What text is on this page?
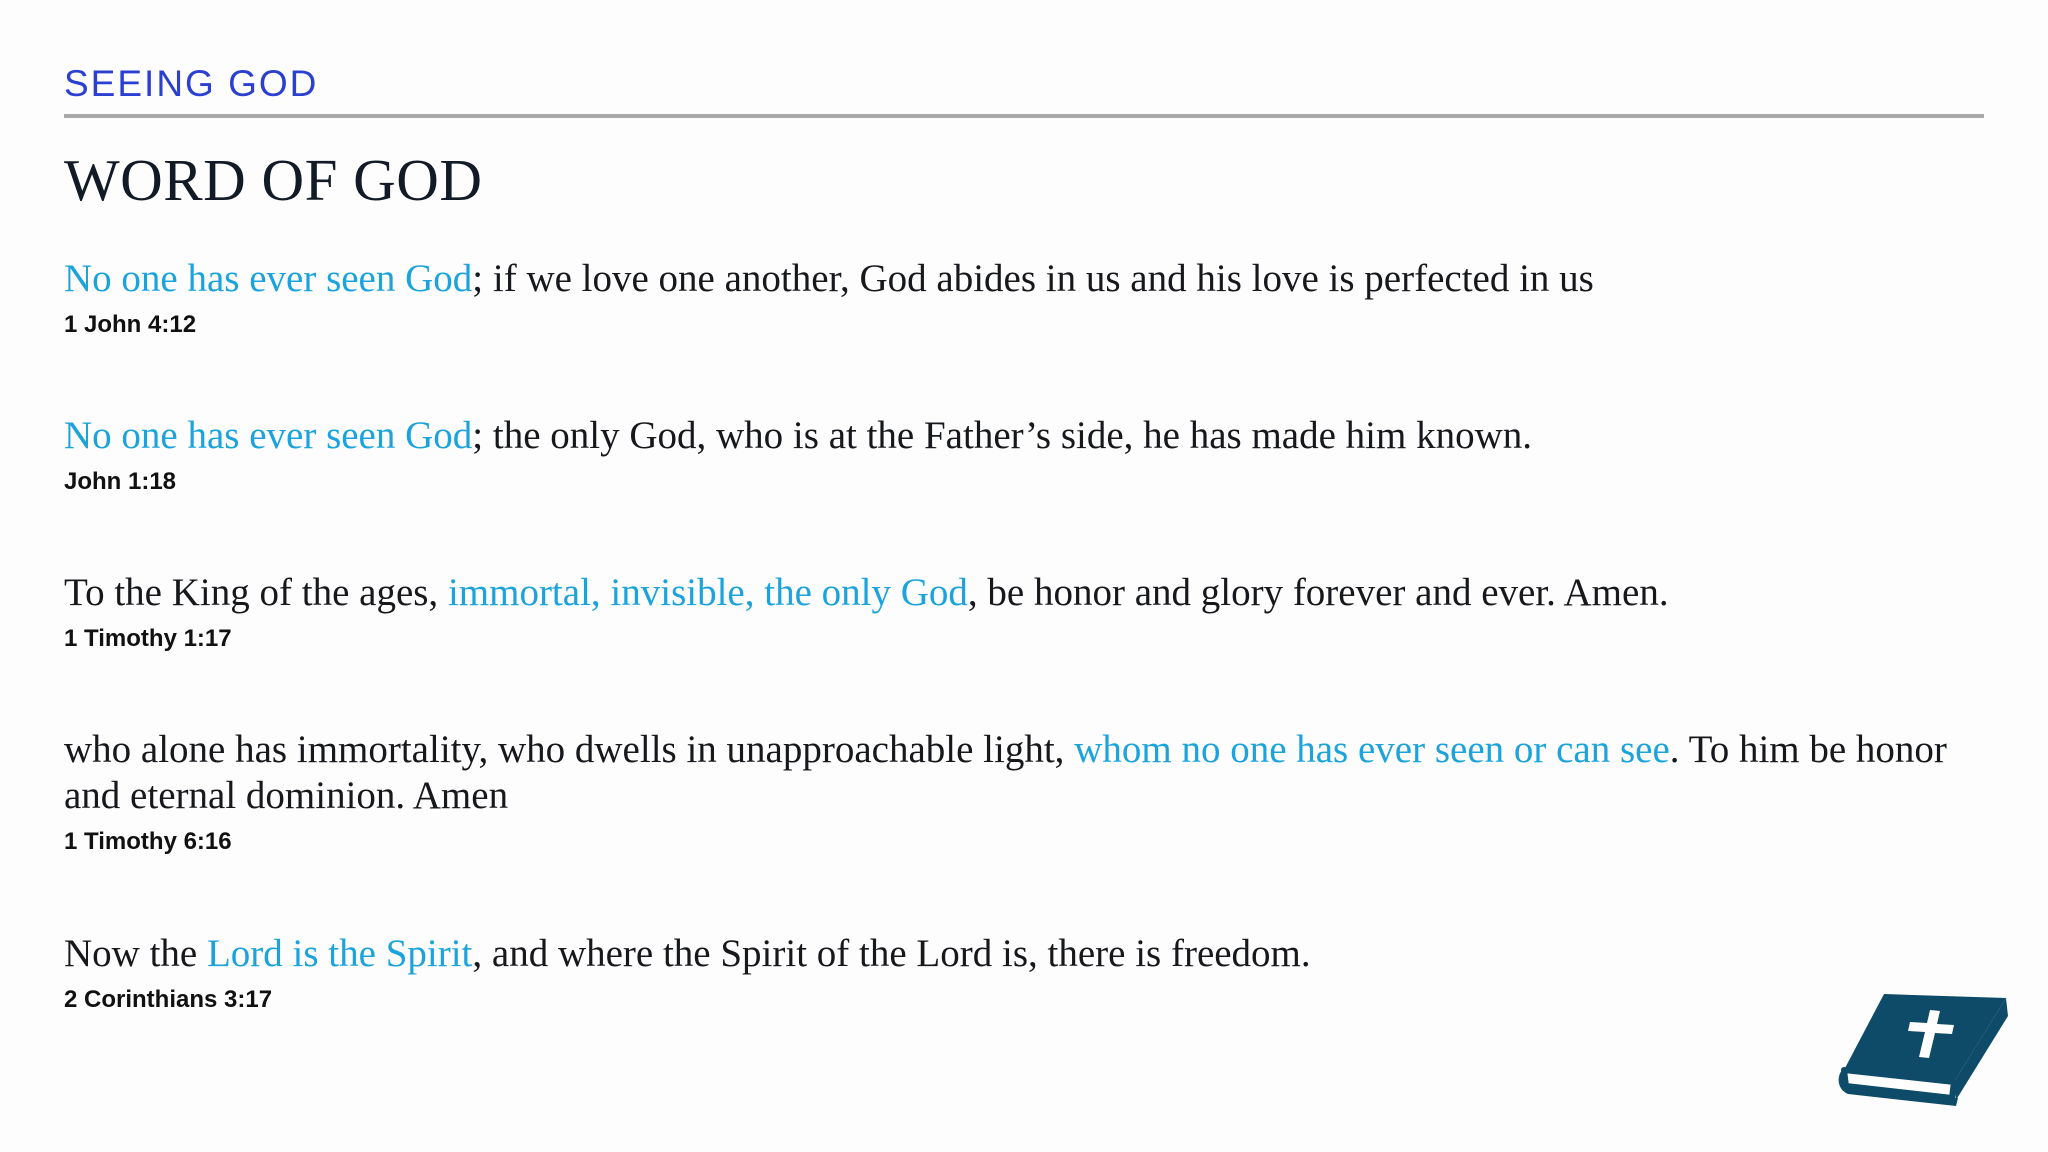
SEEING GOD
WORD OF GOD

No one has ever seen God; if we love one another, God abides in us and his love is perfected in us

1 John 4:12

No one has ever seen God; the only God, who is at the Father’s side, he has made him known.

John 1:18

To the King of the ages, immortal, invisible, the only God, be honor and glory forever and ever. Amen.

1 Timothy 1:17

who alone has immortality, who dwells in unapproachable light, whom no one has ever seen or can see. To him be honor and eternal dominion. Amen

1 Timothy 6:16

Now the Lord is the Spirit, and where the Spirit of the Lord is, there is freedom.

2 Corinthians 3:17
